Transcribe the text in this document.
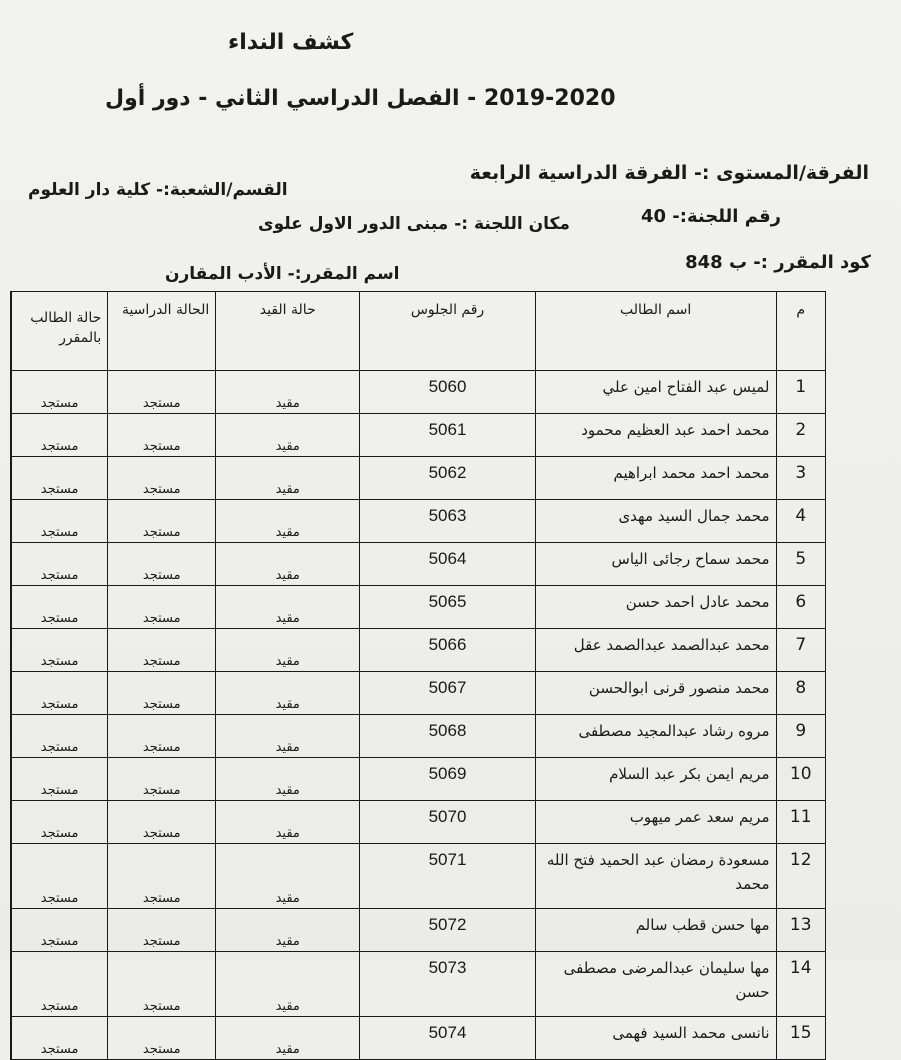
كشف النداء
2019-2020 - الفصل الدراسي الثاني - دور أول
الفرقة/المستوى :- الفرقة الدراسية الرابعة
القسم/الشعبة:- كلية دار العلوم
رقم اللجنة:- 40
مكان اللجنة :- مبنى الدور الاول علوى
كود المقرر :- ب 848
اسم المقرر:- الأدب المقارن
م	اسم الطالب	رقم الجلوس	حالة القيد	الحالة الدراسية	حالة الطالب بالمقرر
1	لميس عبد الفتاح امين علي	5060	مقيد	مستجد	مستجد
2	محمد احمد عبد العظيم محمود	5061	مقيد	مستجد	مستجد
3	محمد احمد محمد ابراهيم	5062	مقيد	مستجد	مستجد
4	محمد جمال السيد مهدى	5063	مقيد	مستجد	مستجد
5	محمد سماح رجائى الياس	5064	مقيد	مستجد	مستجد
6	محمد عادل احمد حسن	5065	مقيد	مستجد	مستجد
7	محمد عبدالصمد عبدالصمد عقل	5066	مقيد	مستجد	مستجد
8	محمد منصور قرنى ابوالحسن	5067	مقيد	مستجد	مستجد
9	مروه رشاد عبدالمجيد مصطفى	5068	مقيد	مستجد	مستجد
10	مريم ايمن بكر عبد السلام	5069	مقيد	مستجد	مستجد
11	مريم سعد عمر ميهوب	5070	مقيد	مستجد	مستجد
12	مسعودة رمضان عبد الحميد فتح الله محمد	5071	مقيد	مستجد	مستجد
13	مها حسن قطب سالم	5072	مقيد	مستجد	مستجد
14	مها سليمان عبدالمرضى مصطفى حسن	5073	مقيد	مستجد	مستجد
15	نانسى محمد السيد فهمى	5074	مقيد	مستجد	مستجد
